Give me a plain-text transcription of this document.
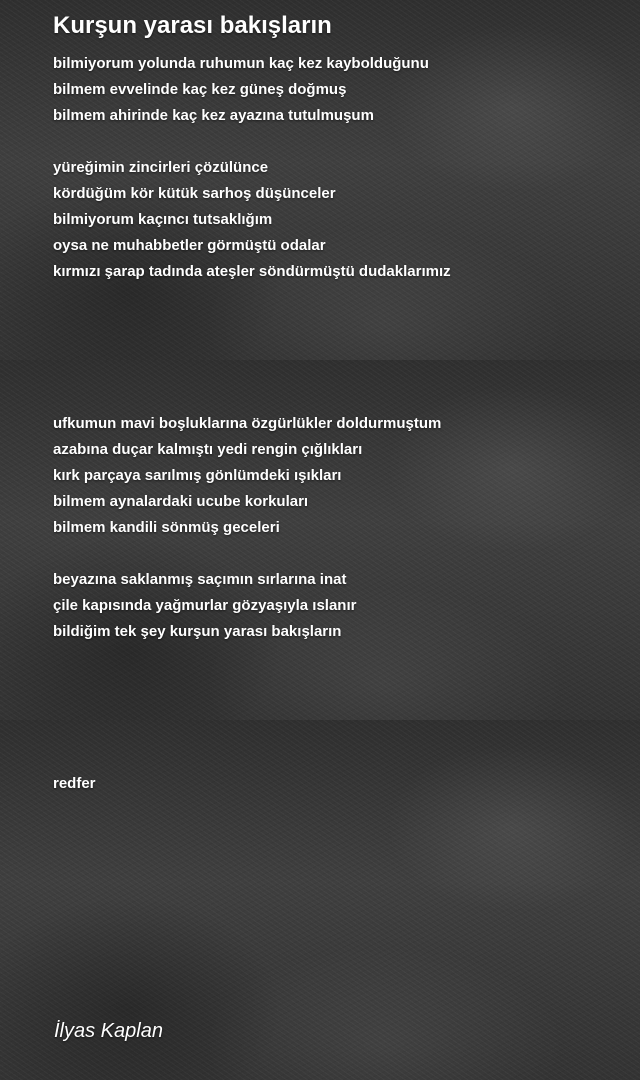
Kurşun yarası bakışların
bilmiyorum yolunda ruhumun kaç kez kaybolduğunu
bilmem evvelinde kaç kez güneş doğmuş
bilmem ahirinde kaç kez ayazına tutulmuşum
yüreğimin zincirleri çözülünce
kördüğüm kör kütük sarhoş düşünceler
bilmiyorum kaçıncı tutsaklığım
oysa ne muhabbetler görmüştü odalar
kırmızı şarap tadında ateşler söndürmüştü dudaklarımız
ufkumun mavi boşluklarına özgürlükler doldurmuştum
azabına duçar kalmıştı yedi rengin çığlıkları
kırk parçaya sarılmış gönlümdeki ışıkları
bilmem aynalardaki ucube korkuları
bilmem kandili sönmüş geceleri
beyazına saklanmış saçımın sırlarına inat
çile kapısında yağmurlar gözyaşıyla ıslanır
bildiğim tek şey kurşun yarası bakışların
redfer
İlyas Kaplan
